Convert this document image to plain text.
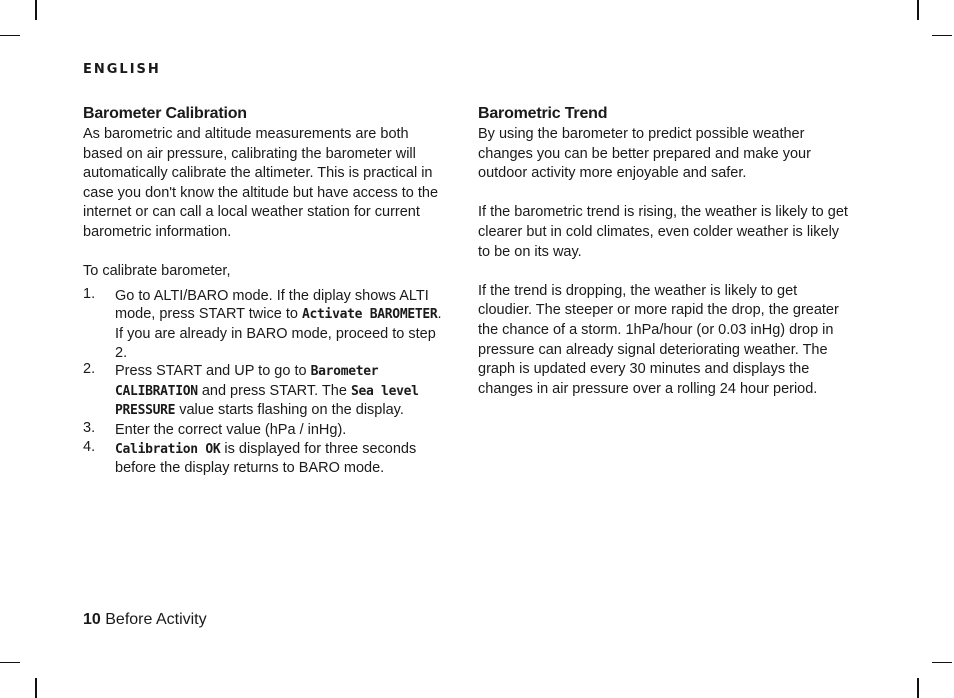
ENGLISH
Barometer Calibration

As barometric and altitude measurements are both based on air pressure, calibrating the barometer will automatically calibrate the altimeter. This is practical in case you don't know the altitude but have access to the internet or can call a local weather station for current barometric information.

To calibrate barometer,

1. Go to ALTI/BARO mode. If the diplay shows ALTI mode, press START twice to Activate BAROMETER. If you are already in BARO mode, proceed to step 2.
2. Press START and UP to go to Barometer CALIBRATION and press START. The Sea level PRESSURE value starts flashing on the display.
3. Enter the correct value (hPa / inHg).
4. Calibration OK is displayed for three seconds before the display returns to BARO mode.
Barometric Trend

By using the barometer to predict possible weather changes you can be better prepared and make your outdoor activity more enjoyable and safer.

If the barometric trend is rising, the weather is likely to get clearer but in cold climates, even colder weather is likely to be on its way.

If the trend is dropping, the weather is likely to get cloudier. The steeper or more rapid the drop, the greater the chance of a storm. 1hPa/hour (or 0.03 inHg) drop in pressure can already signal deteriorating weather. The graph is updated every 30 minutes and displays the changes in air pressure over a rolling 24 hour period.

10 Before Activity
